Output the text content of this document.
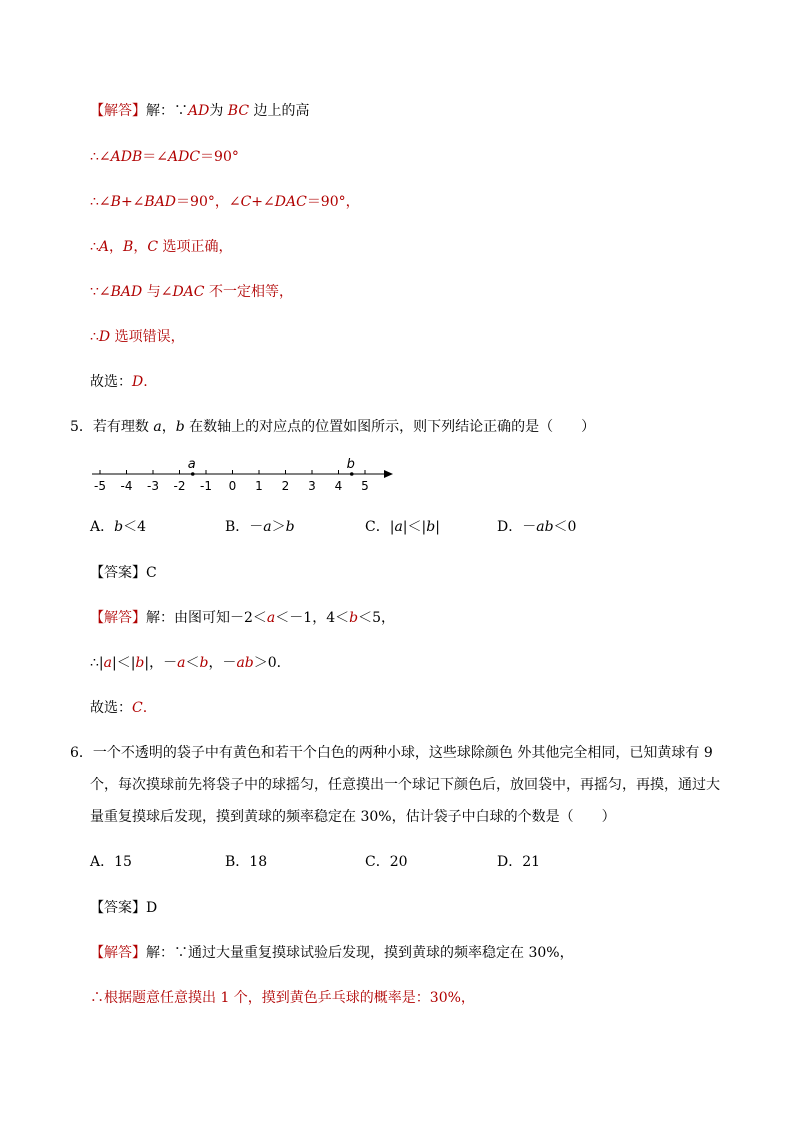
【解答】解：∵AD为 BC 边上的高
∴∠ADB＝∠ADC＝90°
∴∠B+∠BAD＝90°，∠C+∠DAC＝90°，
∴A，B，C 选项正确，
∵∠BAD 与∠DAC 不一定相等，
∴D 选项错误，
故选：D.
5．若有理数 a，b 在数轴上的对应点的位置如图所示，则下列结论正确的是（　　）
-5 -4 -3 -2 -1 0 1 2 3 4 5
a	b
A．b＜4	B．－a＞b	C．|a|＜|b|	D．－ab＜0
【答案】C
【解答】解：由图可知－2＜a＜－1，4＜b＜5，
∴|a|＜|b|，－a＜b，－ab＞0．
故选：C.
6．一个不透明的袋子中有黄色和若干个白色的两种小球，这些球除颜色 外其他完全相同，已知黄球有 9
个，每次摸球前先将袋子中的球摇匀，任意摸出一个球记下颜色后，放回袋中，再摇匀，再摸，通过大
量重复摸球后发现，摸到黄球的频率稳定在 30%，估计袋子中白球的个数是（　　）
A．15	B．18	C．20	D．21
【答案】D
【解答】解：∵通过大量重复摸球试验后发现，摸到黄球的频率稳定在 30%，
∴根据题意任意摸出 1 个，摸到黄色乒乓球的概率是：30%，
